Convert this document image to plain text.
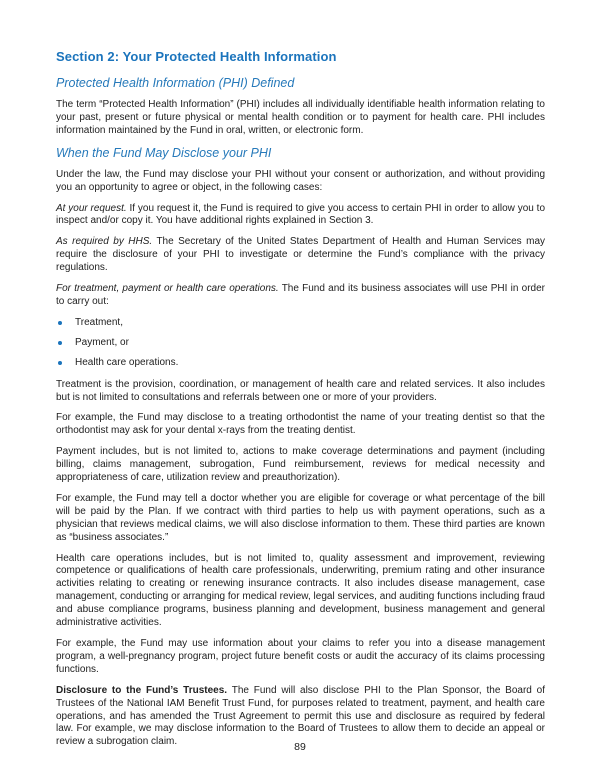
Section 2: Your Protected Health Information
Protected Health Information (PHI) Defined

The term “Protected Health Information” (PHI) includes all individually identifiable health information relating to your past, present or future physical or mental health condition or to payment for health care. PHI includes information maintained by the Fund in oral, written, or electronic form.

When the Fund May Disclose your PHI

Under the law, the Fund may disclose your PHI without your consent or authorization, and without providing you an opportunity to agree or object, in the following cases:

At your request. If you request it, the Fund is required to give you access to certain PHI in order to allow you to inspect and/or copy it. You have additional rights explained in Section 3.

As required by HHS. The Secretary of the United States Department of Health and Human Services may require the disclosure of your PHI to investigate or determine the Fund’s compliance with the privacy regulations.

For treatment, payment or health care operations. The Fund and its business associates will use PHI in order to carry out:

Treatment,
Payment, or
Health care operations.

Treatment is the provision, coordination, or management of health care and related services. It also includes but is not limited to consultations and referrals between one or more of your providers.

For example, the Fund may disclose to a treating orthodontist the name of your treating dentist so that the orthodontist may ask for your dental x-rays from the treating dentist.

Payment includes, but is not limited to, actions to make coverage determinations and payment (including billing, claims management, subrogation, Fund reimbursement, reviews for medical necessity and appropriateness of care, utilization review and preauthorization).

For example, the Fund may tell a doctor whether you are eligible for coverage or what percentage of the bill will be paid by the Plan. If we contract with third parties to help us with payment operations, such as a physician that reviews medical claims, we will also disclose information to them. These third parties are known as “business associates.”

Health care operations includes, but is not limited to, quality assessment and improvement, reviewing competence or qualifications of health care professionals, underwriting, premium rating and other insurance activities relating to creating or renewing insurance contracts. It also includes disease management, case management, conducting or arranging for medical review, legal services, and auditing functions including fraud and abuse compliance programs, business planning and development, business management and general administrative activities.

For example, the Fund may use information about your claims to refer you into a disease management program, a well-pregnancy program, project future benefit costs or audit the accuracy of its claims processing functions.

Disclosure to the Fund’s Trustees. The Fund will also disclose PHI to the Plan Sponsor, the Board of Trustees of the National IAM Benefit Trust Fund, for purposes related to treatment, payment, and health care operations, and has amended the Trust Agreement to permit this use and disclosure as required by federal law. For example, we may disclose information to the Board of Trustees to allow them to decide an appeal or review a subrogation claim.	89
